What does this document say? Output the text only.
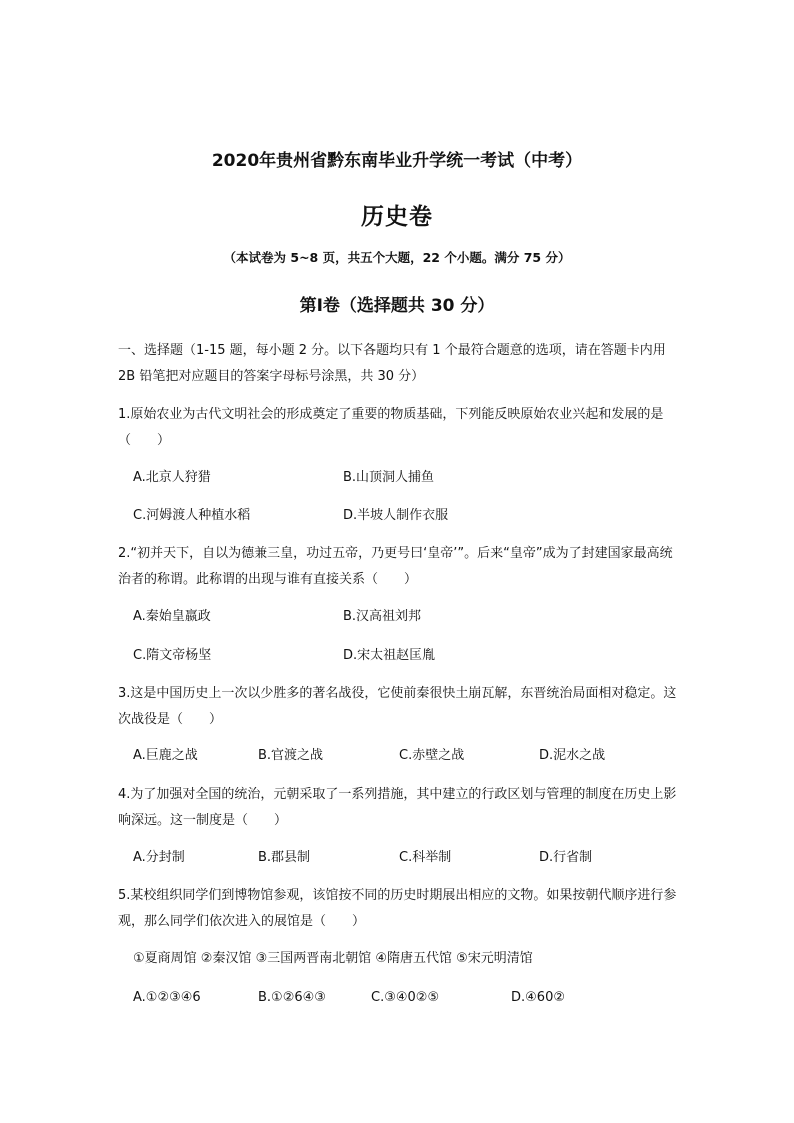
2020年贵州省黔东南毕业升学统一考试（中考）
历史卷
（本试卷为 5~8 页，共五个大题，22 个小题。满分 75 分）
第Ⅰ卷（选择题共 30 分）
一、选择题（1-15 题，每小题 2 分。以下各题均只有 1 个最符合题意的选项，请在答题卡内用 2B 铅笔把对应题目的答案字母标号涂黑，共 30 分）
1.原始农业为古代文明社会的形成奠定了重要的物质基础，下列能反映原始农业兴起和发展的是（　　）
A.北京人狩猎	B.山顶洞人捕鱼
C.河姆渡人种植水稻	D.半坡人制作衣服
2.“初并天下，自以为德兼三皇，功过五帝，乃更号曰‘皇帝’”。后来“皇帝”成为了封建国家最高统治者的称谓。此称谓的出现与谁有直接关系（　　）
A.秦始皇嬴政	B.汉高祖刘邦
C.隋文帝杨坚	D.宋太祖赵匡胤
3.这是中国历史上一次以少胜多的著名战役，它使前秦很快土崩瓦解，东晋统治局面相对稳定。这次战役是（　　）
A.巨鹿之战	B.官渡之战	C.赤壁之战	D.泥水之战
4.为了加强对全国的统治，元朝采取了一系列措施，其中建立的行政区划与管理的制度在历史上影响深远。这一制度是（　　）
A.分封制	B.郡县制	C.科举制	D.行省制
5.某校组织同学们到博物馆参观，该馆按不同的历史时期展出相应的文物。如果按朝代顺序进行参观，那么同学们依次进入的展馆是（　　）
①夏商周馆 ②秦汉馆 ③三国两晋南北朝馆 ④隋唐五代馆 ⑤宋元明清馆
A.①②③④6	B.①②6④③	C.③④0②⑤	D.④60②
